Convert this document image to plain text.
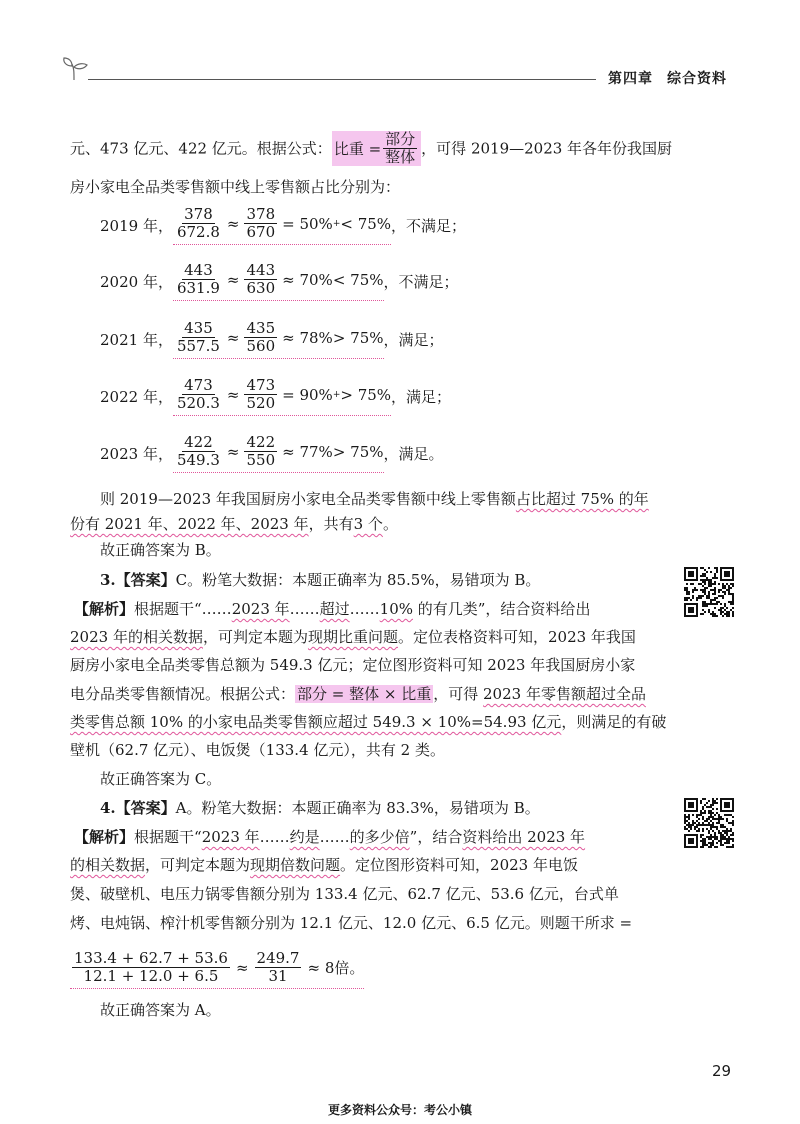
第四章 综合资料
元、473 亿元、422 亿元。根据公式： 比重 = $\frac{\text{部分}}{\text{整体}}$ ，可得 2019—2023 年各年份我国厨
房小家电全品类零售额中线上零售额占比分别为：
2019 年， $\frac{378}{672.8} \approx \frac{378}{670} = 50\%$ + < 75% ，不满足；
2020 年， $\frac{443}{631.9} \approx \frac{443}{630} \approx 70\% < 75\%$ ，不满足；
2021 年， $\frac{435}{557.5} \approx \frac{435}{560} \approx 78\% > 75\%$ ，满足；
2022 年， $\frac{473}{520.3} \approx \frac{473}{520} = 90\%$ + > 75% ，满足；
2023 年， $\frac{422}{549.3} \approx \frac{422}{550} \approx 77\% > 75\%$ ，满足。
则 2019—2023 年我国厨房小家电全品类零售额中线上零售额占比超过 75% 的年
份有 2021 年、2022 年、2023 年，共有3 个。
故正确答案为 B。
3.【答案】C。粉笔大数据：本题正确率为 85.5%，易错项为 B。
【解析】根据题干“……2023 年……超过……10% 的有几类”，结合资料给出
2023 年的相关数据，可判定本题为现期比重问题。定位表格资料可知，2023 年我国
厨房小家电全品类零售总额为 549.3 亿元；定位图形资料可知 2023 年我国厨房小家
电分品类零售额情况。根据公式： 部分 = 整体 × 比重 ，可得 2023 年零售额超过全品
类零售总额 10% 的小家电品类零售额应超过 549.3 × 10%=54.93 亿元，则满足的有破
壁机（62.7 亿元）、电饭煲（133.4 亿元），共有 2 类。
故正确答案为 C。
4.【答案】A。粉笔大数据：本题正确率为 83.3%，易错项为 B。
【解析】根据题干“2023 年……约是……的多少倍”，结合资料给出 2023 年
的相关数据，可判定本题为现期倍数问题。定位图形资料可知，2023 年电饭
煲、破壁机、电压力锅零售额分别为 133.4 亿元、62.7 亿元、53.6 亿元，台式单
烤、电炖锅、榨汁机零售额分别为 12.1 亿元、12.0 亿元、6.5 亿元。则题干所求 =
$\frac{133.4 + 62.7 + 53.6}{12.1 + 12.0 + 6.5} \approx \frac{249.7}{31} \approx 8$倍。
故正确答案为 A。
29
更多资料公众号：考公小镇
